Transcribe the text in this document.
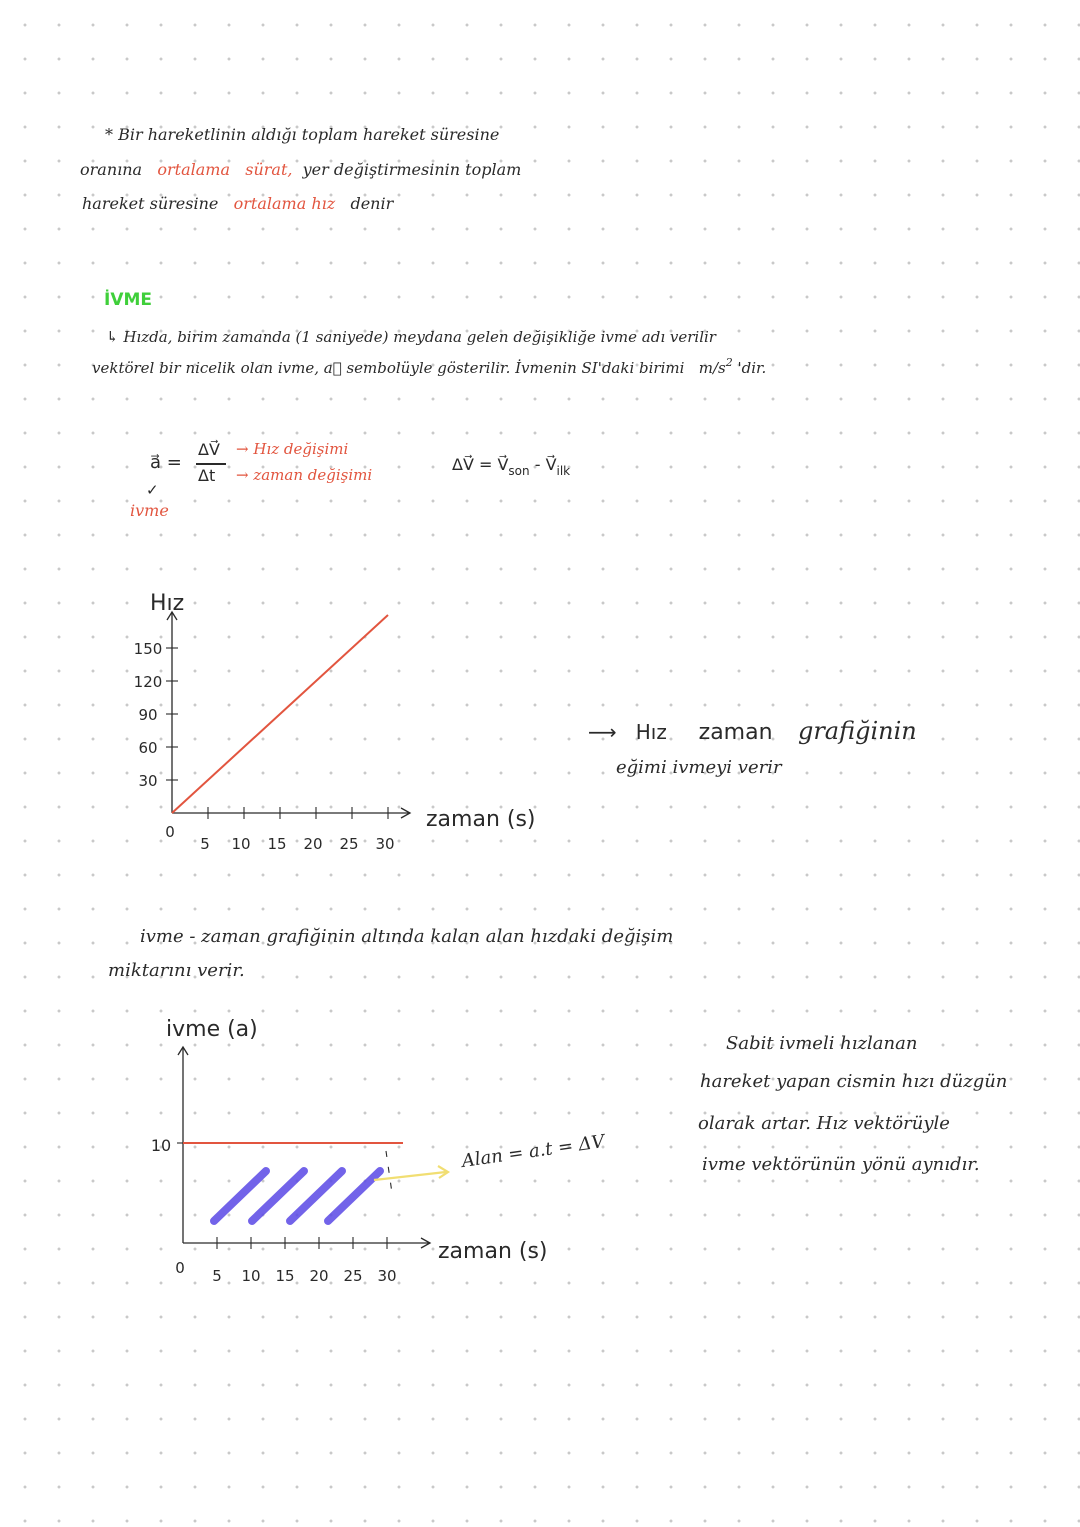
* Bir hareketlinin aldığı toplam hareket süresine
oranına ortalama sürat, yer değiştirmesinin toplam
hareket süresine ortalama hız denir
İVME
↳ Hızda, birim zamanda (1 saniyede) meydana gelen değişikliğe ivme adı verilir
vektörel bir nicelik olan ivme, a⃗ sembolüyle gösterilir. İvmenin SI'daki birimi $m/s^2$ 'dir.
a⃗ =
ΔV⃗
Δt
→ Hız değişimi
→ zaman değişimi
✓
ivme
ΔV⃗ = $V⃗_{son}$ - $V⃗_{ilk}$
5 10 15 20 25 30
30
60
90
120
150
0
Hız
zaman (s)
⟶ Hız zaman grafiğinin
eğimi ivmeyi verir
ivme - zaman grafiğinin altında kalan alan hızdaki değişim
miktarını verir.
5 10 15 20 25 30
10
0
ivme (a)
zaman (s)
Alan = a.t = ΔV
Sabit ivmeli hızlanan
hareket yapan cismin hızı düzgün
olarak artar. Hız vektörüyle
ivme vektörünün yönü aynıdır.
